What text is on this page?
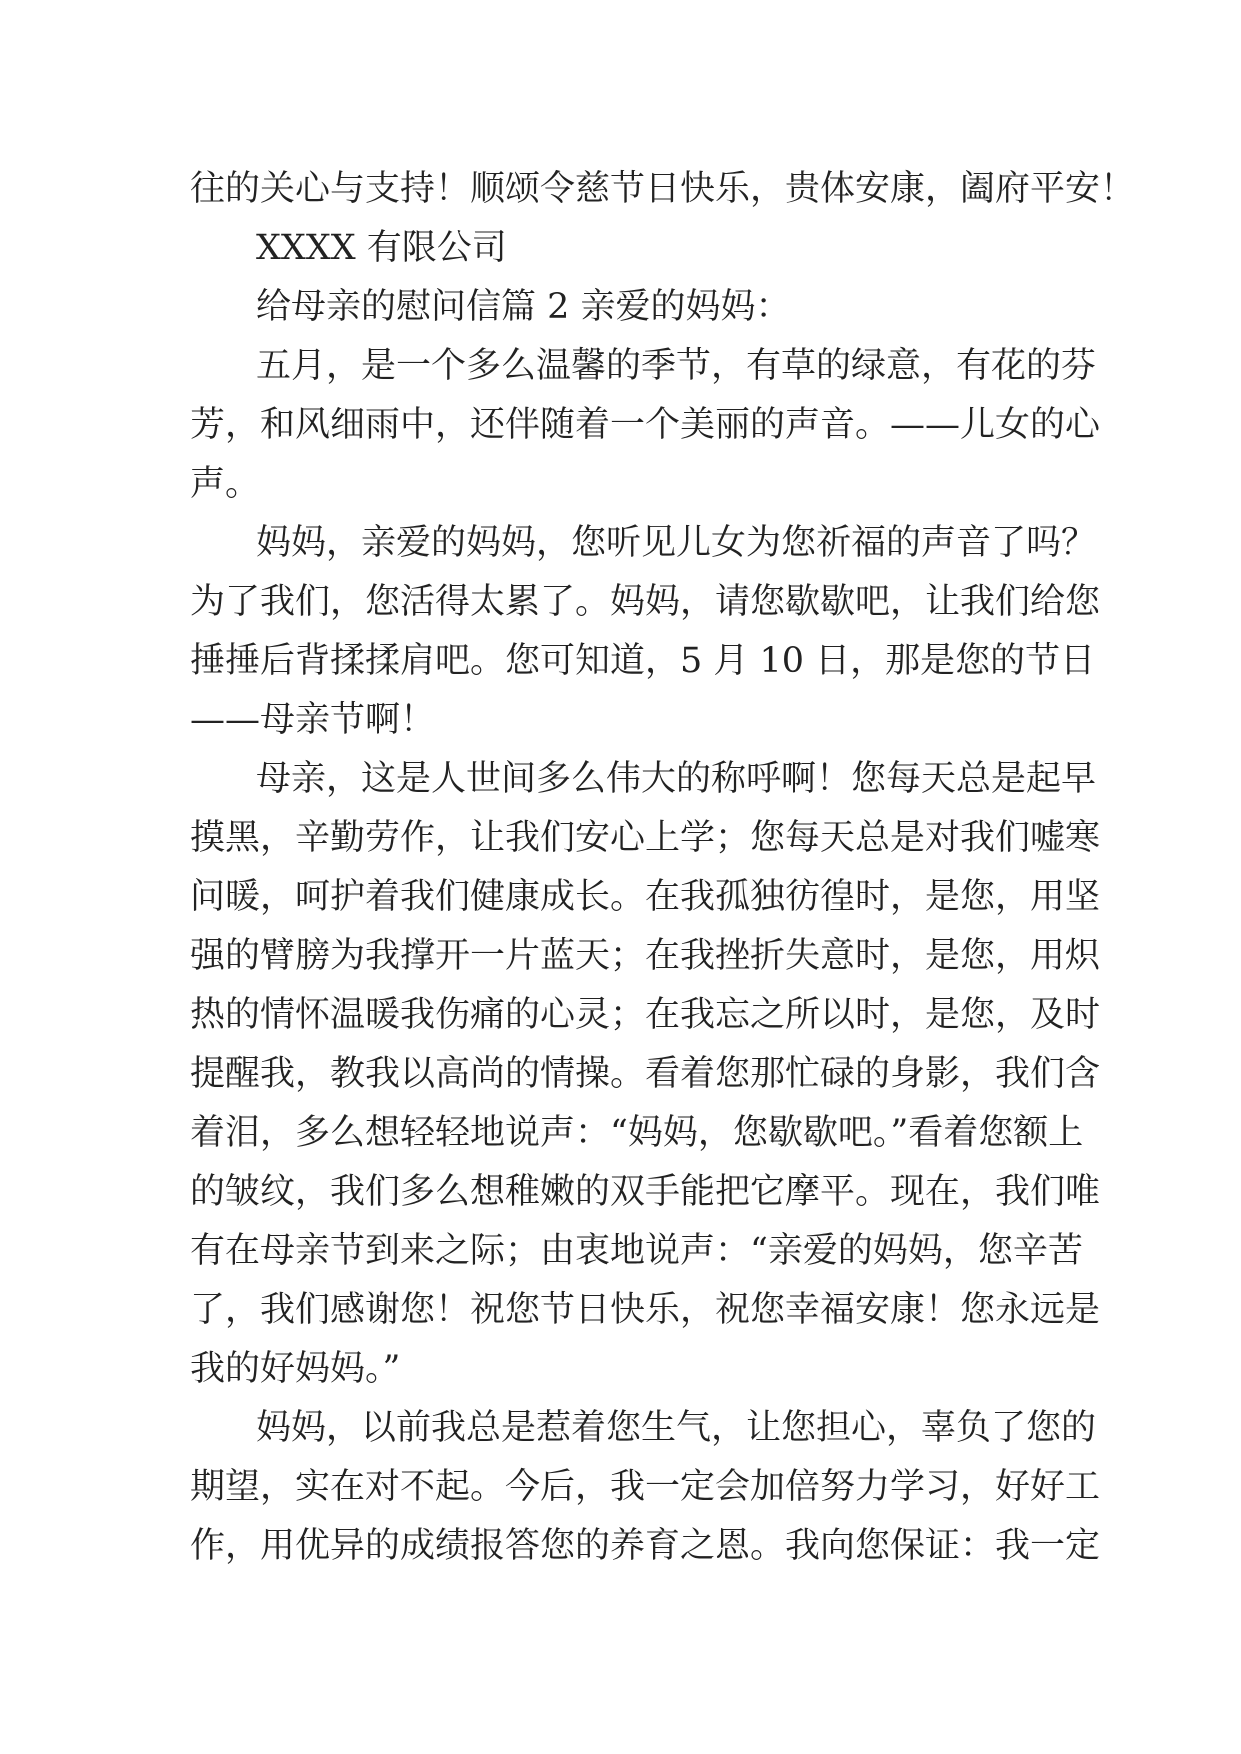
往的关心与支持！顺颂令慈节日快乐，贵体安康，阖府平安！
XXXX 有限公司
给母亲的慰问信篇 2 亲爱的妈妈：
五月，是一个多么温馨的季节，有草的绿意，有花的芬
芳，和风细雨中，还伴随着一个美丽的声音。——儿女的心
声。
妈妈，亲爱的妈妈，您听见儿女为您祈福的声音了吗？
为了我们，您活得太累了。妈妈，请您歇歇吧，让我们给您
捶捶后背揉揉肩吧。您可知道，5 月 10 日，那是您的节日
——母亲节啊！
母亲，这是人世间多么伟大的称呼啊！您每天总是起早
摸黑，辛勤劳作，让我们安心上学；您每天总是对我们嘘寒
问暖，呵护着我们健康成长。在我孤独彷徨时，是您，用坚
强的臂膀为我撑开一片蓝天；在我挫折失意时，是您，用炽
热的情怀温暖我伤痛的心灵；在我忘之所以时，是您，及时
提醒我，教我以高尚的情操。看着您那忙碌的身影，我们含
着泪，多么想轻轻地说声：“妈妈，您歇歇吧。”看着您额上
的皱纹，我们多么想稚嫩的双手能把它摩平。现在，我们唯
有在母亲节到来之际；由衷地说声：“亲爱的妈妈，您辛苦
了，我们感谢您！祝您节日快乐，祝您幸福安康！您永远是
我的好妈妈。”
妈妈，以前我总是惹着您生气，让您担心，辜负了您的
期望，实在对不起。今后，我一定会加倍努力学习，好好工
作，用优异的成绩报答您的养育之恩。我向您保证：我一定
